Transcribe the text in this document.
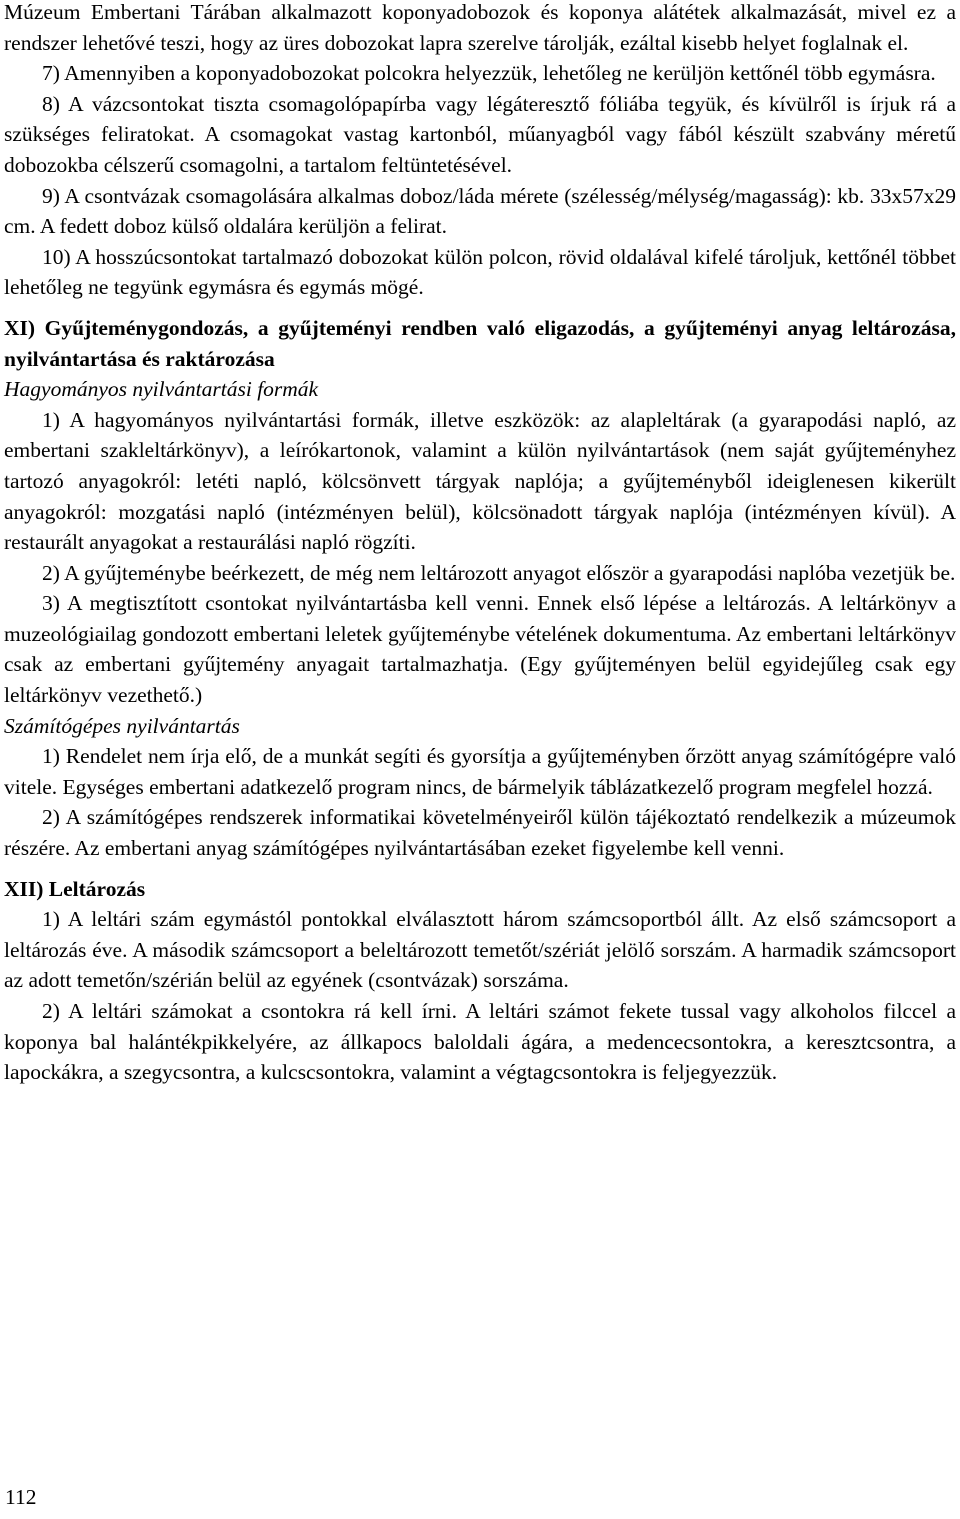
Múzeum Embertani Tárában alkalmazott koponyadobozok és koponya alátétek alkalmazását, mivel ez a rendszer lehetővé teszi, hogy az üres dobozokat lapra szerelve tárolják, ezáltal kisebb helyet foglalnak el.

7) Amennyiben a koponyadobozokat polcokra helyezzük, lehetőleg ne kerüljön kettőnél több egymásra.

8) A vázcsontokat tiszta csomagolópapírba vagy légáteresztő fóliába tegyük, és kívülről is írjuk rá a szükséges feliratokat. A csomagokat vastag kartonból, műanyagból vagy fából készült szabvány méretű dobozokba célszerű csomagolni, a tartalom feltüntetésével.

9) A csontvázak csomagolására alkalmas doboz/láda mérete (szélesség/mélység/magasság): kb. 33x57x29 cm. A fedett doboz külső oldalára kerüljön a felirat.

10) A hosszúcsontokat tartalmazó dobozokat külön polcon, rövid oldalával kifelé tároljuk, kettőnél többet lehetőleg ne tegyünk egymásra és egymás mögé.

XI) Gyűjteménygondozás, a gyűjteményi rendben való eligazodás, a gyűjteményi anyag leltározása, nyilvántartása és raktározása

Hagyományos nyilvántartási formák

1) A hagyományos nyilvántartási formák, illetve eszközök: az alapleltárak (a gyarapodási napló, az embertani szakleltárkönyv), a leírókartonok, valamint a külön nyilvántartások (nem saját gyűjteményhez tartozó anyagokról: letéti napló, kölcsönvett tárgyak naplója; a gyűjteményből ideiglenesen kikerült anyagokról: mozgatási napló (intézményen belül), kölcsönadott tárgyak naplója (intézményen kívül). A restaurált anyagokat a restaurálási napló rögzíti.

2) A gyűjteménybe beérkezett, de még nem leltározott anyagot először a gyarapodási naplóba vezetjük be.

3) A megtisztított csontokat nyilvántartásba kell venni. Ennek első lépése a leltározás. A leltárkönyv a muzeológiailag gondozott embertani leletek gyűjteménybe vételének dokumentuma. Az embertani leltárkönyv csak az embertani gyűjtemény anyagait tartalmazhatja. (Egy gyűjteményen belül egyidejűleg csak egy leltárkönyv vezethető.)

Számítógépes nyilvántartás

1) Rendelet nem írja elő, de a munkát segíti és gyorsítja a gyűjteményben őrzött anyag számítógépre való vitele. Egységes embertani adatkezelő program nincs, de bármelyik táblázatkezelő program megfelel hozzá.

2) A számítógépes rendszerek informatikai követelményeiről külön tájékoztató rendelkezik a múzeumok részére. Az embertani anyag számítógépes nyilvántartásában ezeket figyelembe kell venni.

XII) Leltározás

1) A leltári szám egymástól pontokkal elválasztott három számcsoportból állt. Az első számcsoport a leltározás éve. A második számcsoport a beleltározott temetőt/szériát jelölő sorszám. A harmadik számcsoport az adott temetőn/szérián belül az egyének (csontvázak) sorszáma.

2) A leltári számokat a csontokra rá kell írni. A leltári számot fekete tussal vagy alkoholos filccel a koponya bal halántékpikkelyére, az állkapocs baloldali ágára, a medencecsontokra, a keresztcsontra, a lapockákra, a szegycsontra, a kulcscsontokra, valamint a végtagcsontokra is feljegyezzük.

112
